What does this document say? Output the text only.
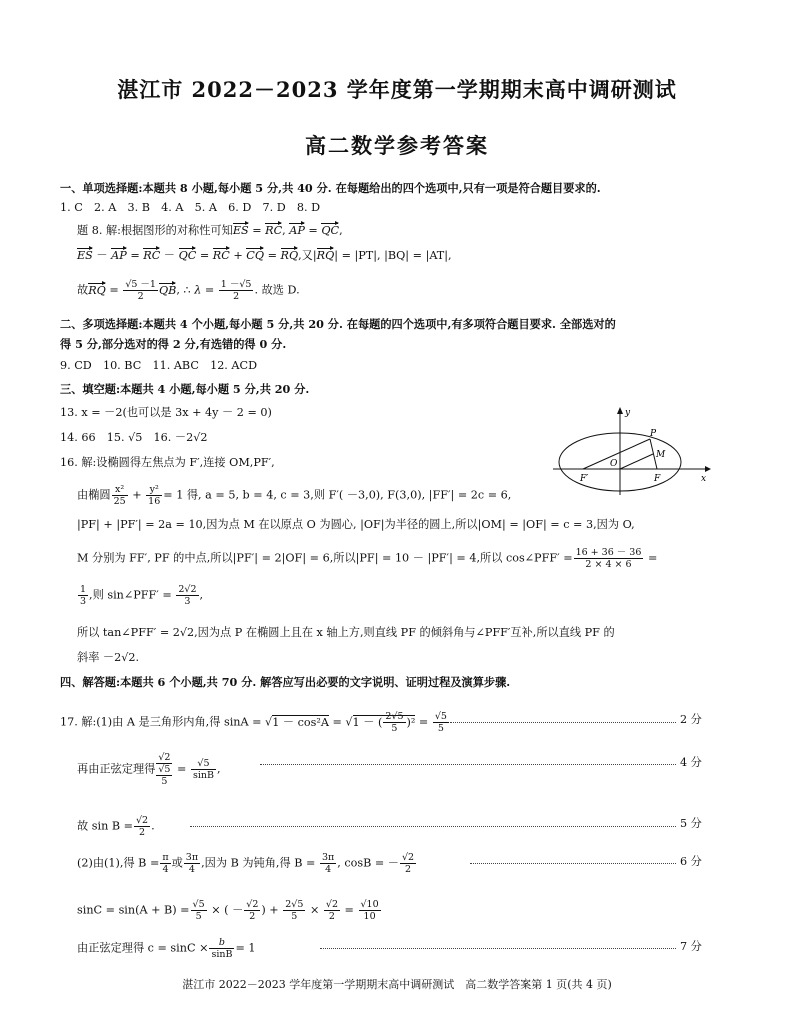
湛江市 2022－2023 学年度第一学期期末高中调研测试
高二数学参考答案
一、单项选择题:本题共 8 小题,每小题 5 分,共 40 分. 在每题给出的四个选项中,只有一项是符合题目要求的.
1. C　2. A　3. B　4. A　5. A　6. D　7. D　8. D
题 8. 解:根据图形的对称性可知ES = RC, AP = QC,
ES － AP = RC － QC = RC + CQ = RQ,又|RQ| = |PT|, |BQ| = |AT|,
故RQ = $\frac{√5 -1}{2}$ QB, ∴ $\lambda = \frac{1 -√5}{2}$ . 故选 D.
二、多项选择题:本题共 4 个小题,每小题 5 分,共 20 分. 在每题的四个选项中,有多项符合题目要求. 全部选对的
得 5 分,部分选对的得 2 分,有选错的得 0 分.
9. CD　10. BC　11. ABC　12. ACD
三、填空题:本题共 4 小题,每小题 5 分,共 20 分.
13. x = －2(也可以是 3x + 4y － 2 = 0)
14. 66　15. √5　16. －2√2
16. 解:设椭圆得左焦点为 F′,连接 OM,PF′,
由椭圆 $\frac{\text{x²}}{25} + \frac{\text{y²}}{16} = 1$ 得, a = 5, b = 4, c = 3,则 F′( －3,0), F(3,0), |FF′| = 2c = 6,
|PF| + |PF′| = 2a = 10,因为点 M 在以原点 O 为圆心, |OF|为半径的圆上,所以|OM| = |OF| = c = 3,因为 O,
M 分别为 FF′, PF 的中点,所以|PF′| = 2|OF| = 6,所以|PF| = 10 － |PF′| = 4,所以 cos∠PFF′ = $\frac{16 + 36 - 36}{2 \times 4 \times 6}$ =
$\frac{1}{3}$ ,则 sin∠PFF′ = $\frac{2√2}{3}$ ,
所以 tan∠PFF′ = 2√2,因为点 P 在椭圆上且在 x 轴上方,则直线 PF 的倾斜角与∠PFF′互补,所以直线 PF 的
斜率 －2√2.
四、解答题:本题共 6 个小题,共 70 分. 解答应写出必要的文字说明、证明过程及演算步骤.
17. 解:(1)由 A 是三角形内角,得 sinA = √1 － cos²A = √1 － ( $\frac{2√5}{5} )^2 = \frac{√5}{5}$	2 分
再由正弦定理得
√2
√5
5
= $\frac{√5}{\sin B}$ ,	4 分
故 $\sin B = \frac{√2}{2}$ .	5 分
(2)由(1),得 $B = \frac{\pi}{4}$ 或 $\frac{3\pi}{4}$ ,因为 B 为钝角,得 $B = \frac{3\pi}{4}$ , cosB = － $\frac{√2}{2}$	6 分
$\sin C = \sin(A + B) = \frac{√5}{5}$ × ( － $\frac{√2}{2}$ ) + $\frac{2√5}{5} \times \frac{√2}{2} = \frac{√10}{10}$
由正弦定理得 $c = \sin C \times \frac{b}{\sin B} = 1$	7 分
y
P
M
O
F′	F	x
湛江市 2022－2023 学年度第一学期期末高中调研测试　高二数学答案第 1 页(共 4 页)
